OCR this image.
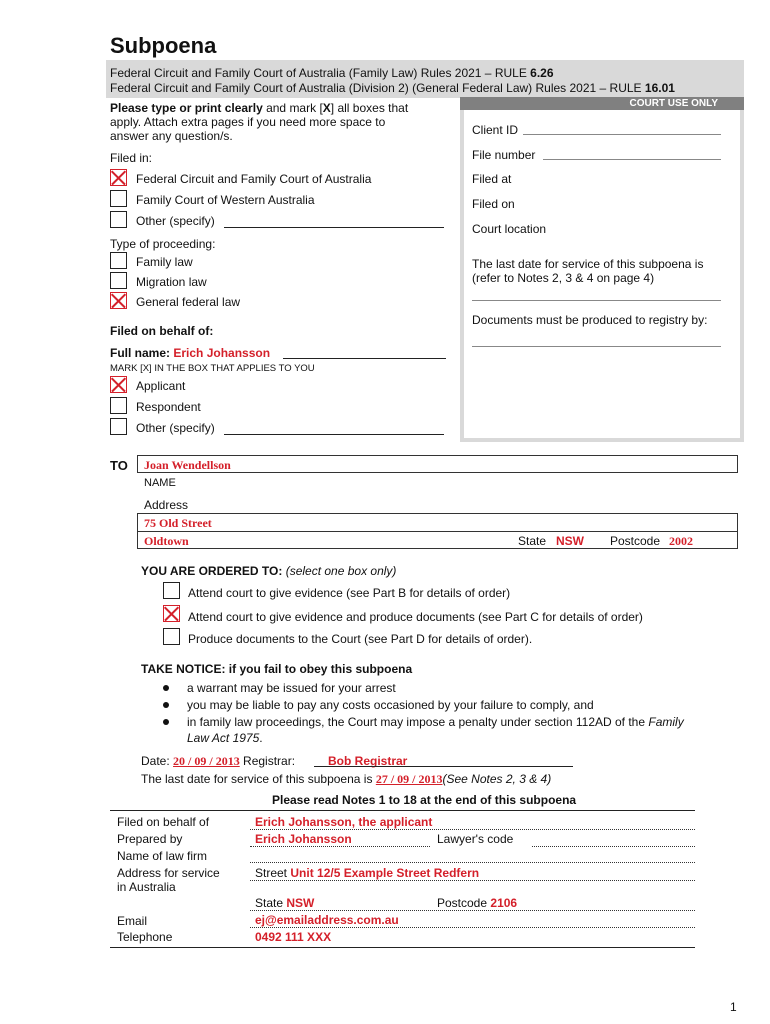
Subpoena
Federal Circuit and Family Court of Australia (Family Law) Rules 2021 – RULE 6.26
Federal Circuit and Family Court of Australia (Division 2) (General Federal Law) Rules 2021 – RULE 16.01
COURT USE ONLY
Please type or print clearly and mark [X] all boxes that
apply. Attach extra pages if you need more space to
answer any question/s.
Filed in:
Federal Circuit and Family Court of Australia
Family Court of Western Australia
Other (specify)
Type of proceeding:
Family law
Migration law
General federal law
Filed on behalf of:
Full name: Erich Johansson
MARK [X] IN THE BOX THAT APPLIES TO YOU
Applicant
Respondent
Other (specify)
Client ID
File number
Filed at
Filed on
Court location
The last date for service of this subpoena is
(refer to Notes 2, 3 & 4 on page 4)
Documents must be produced to registry by:
TO Joan Wendellson
NAME
Address
75 Old Street
Oldtown	State NSW Postcode 2002
YOU ARE ORDERED TO: (select one box only)
Attend court to give evidence (see Part B for details of order)
Attend court to give evidence and produce documents (see Part C for details of order)
Produce documents to the Court (see Part D for details of order).
TAKE NOTICE: if you fail to obey this subpoena
a warrant may be issued for your arrest
you may be liable to pay any costs occasioned by your failure to comply, and
in family law proceedings, the Court may impose a penalty under section 112AD of the Family
Law Act 1975.
Date: 20 / 09 / 2013 Registrar:	Bob Registrar
The last date for service of this subpoena is 27 / 09 / 2013(See Notes 2, 3 & 4)
Please read Notes 1 to 18 at the end of this subpoena
Filed on behalf of	Erich Johansson, the applicant
Prepared by	Erich Johansson	Lawyer's code
Name of law firm
Address for service
in Australia
Street Unit 12/5 Example Street Redfern
State NSW	Postcode 2106
Email	ej@emailaddress.com.au
Telephone	0492 111 XXX
1
